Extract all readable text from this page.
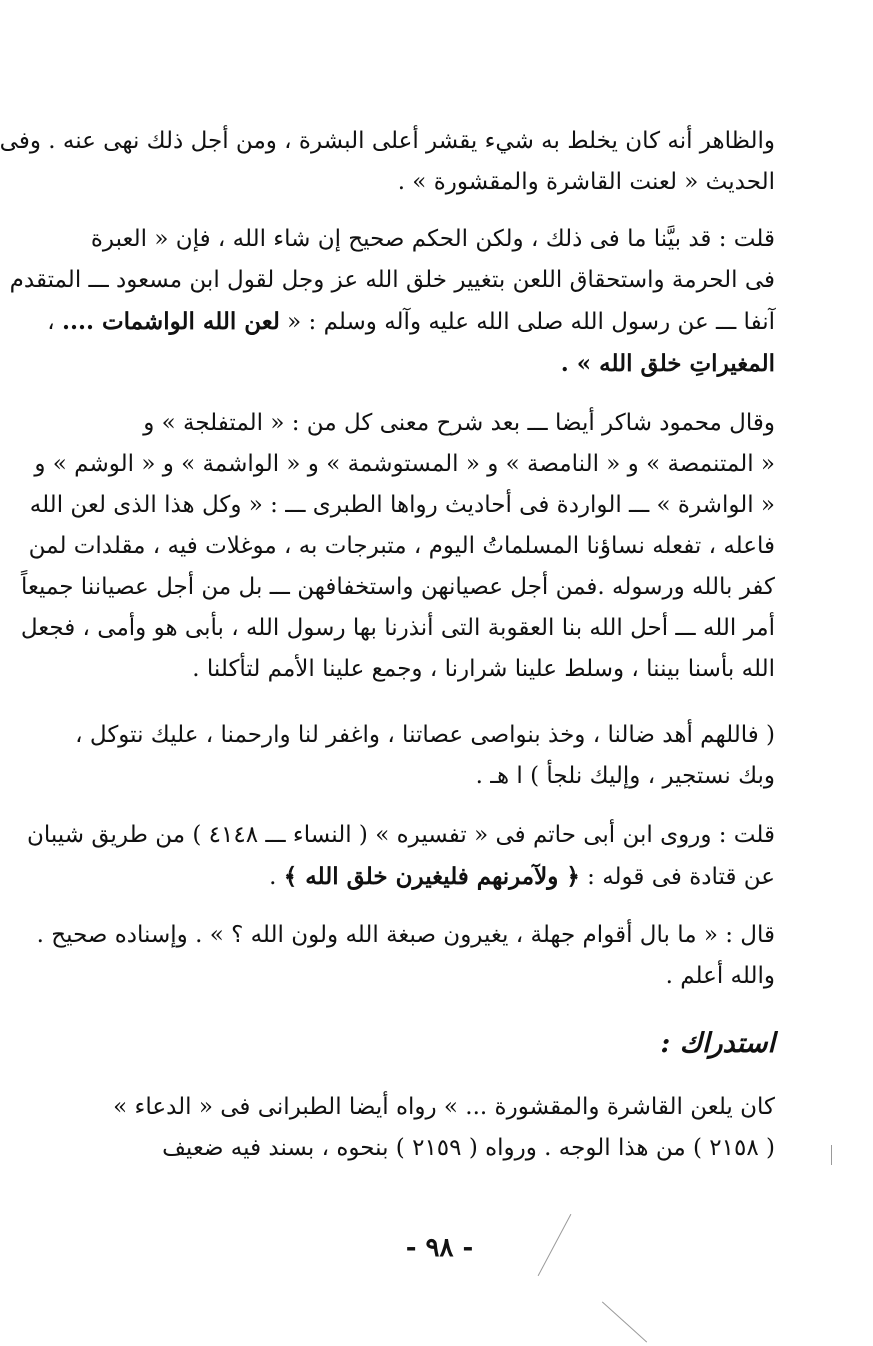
والظاهر أنه كان يخلط به شيء يقشر أعلى البشرة ، ومن أجل ذلك نهى عنه . وفى
الحديث « لعنت القاشرة والمقشورة » .
قلت : قد بيَّنا ما فى ذلك ، ولكن الحكم صحيح إن شاء الله ، فإن « العبرة
فى الحرمة واستحقاق اللعن بتغيير خلق الله عز وجل لقول ابن مسعود ـــ المتقدم
آنفا ـــ عن رسول الله صلى الله عليه وآله وسلم : « لعن الله الواشمات .... ،
المغيراتِ خلق الله » .
وقال محمود شاكر أيضا ـــ بعد شرح معنى كل من : « المتفلجة » و
« المتنمصة » و « النامصة » و « المستوشمة » و « الواشمة » و « الوشم » و
« الواشرة » ـــ الواردة فى أحاديث رواها الطبرى ـــ : « وكل هذا الذى لعن الله
فاعله ، تفعله نساؤنا المسلماتُ اليوم ، متبرجات به ، موغلات فيه ، مقلدات لمن
كفر بالله ورسوله .فمن أجل عصيانهن واستخفافهن ـــ بل من أجل عصياننا جميعاً
أمر الله ـــ أحل الله بنا العقوبة التى أنذرنا بها رسول الله ، بأبى هو وأمى ، فجعل
الله بأسنا بيننا ، وسلط علينا شرارنا ، وجمع علينا الأمم لتأكلنا .
( فاللهم أهد ضالنا ، وخذ بنواصى عصاتنا ، واغفر لنا وارحمنا ، عليك نتوكل ،
وبك نستجير ، وإليك نلجأ ) ا هـ .
قلت : وروى ابن أبى حاتم فى « تفسيره » ( النساء ـــ ٤١٤٨ ) من طريق شيبان
عن قتادة فى قوله : ﴿ ولآمرنهم فليغيرن خلق الله ﴾ .
قال : « ما بال أقوام جهلة ، يغيرون صبغة الله ولون الله ؟ » . وإسناده صحيح .
والله أعلم .
استدراك :
كان يلعن القاشرة والمقشورة ... » رواه أيضا الطبرانى فى « الدعاء »
( ٢١٥٨ ) من هذا الوجه . ورواه ( ٢١٥٩ ) بنحوه ، بسند فيه ضعيف
- ٩٨ -
